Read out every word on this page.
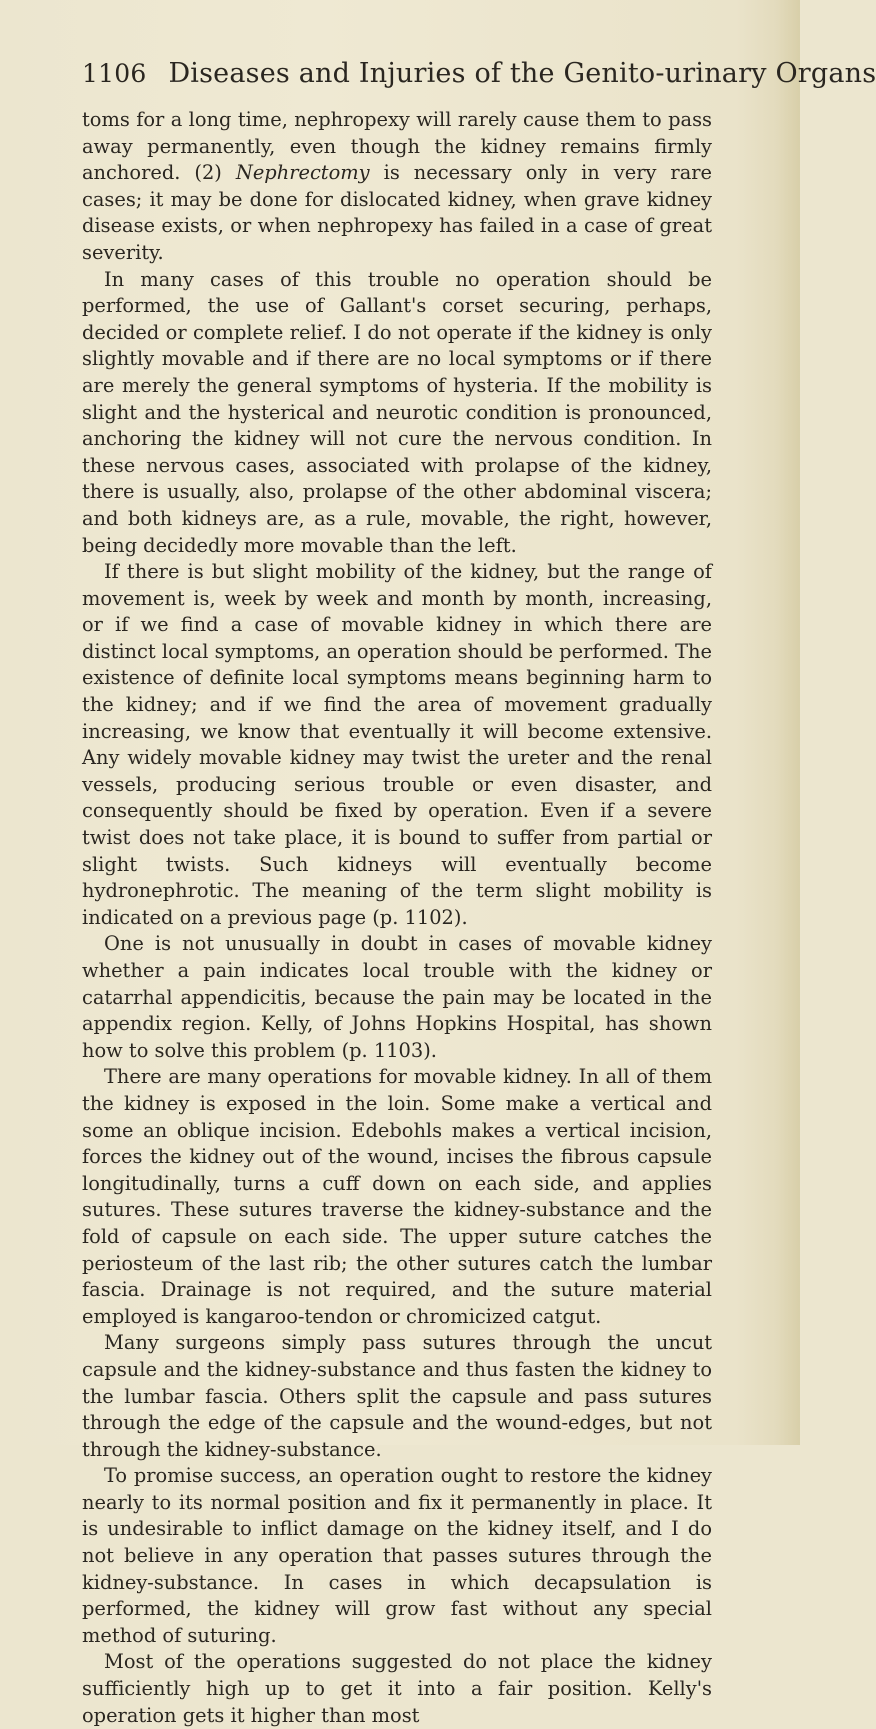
1106 Diseases and Injuries of the Genito-urinary Organs

toms for a long time, nephropexy will rarely cause them to pass away permanently, even though the kidney remains firmly anchored. (2) Nephrectomy is necessary only in very rare cases; it may be done for dislocated kidney, when grave kidney disease exists, or when nephropexy has failed in a case of great severity.

In many cases of this trouble no operation should be performed, the use of Gallant's corset securing, perhaps, decided or complete relief. I do not operate if the kidney is only slightly movable and if there are no local symptoms or if there are merely the general symptoms of hysteria. If the mobility is slight and the hysterical and neurotic condition is pronounced, anchoring the kidney will not cure the nervous condition. In these nervous cases, associated with prolapse of the kidney, there is usually, also, prolapse of the other abdominal viscera; and both kidneys are, as a rule, movable, the right, however, being decidedly more movable than the left.

If there is but slight mobility of the kidney, but the range of movement is, week by week and month by month, increasing, or if we find a case of movable kidney in which there are distinct local symptoms, an operation should be performed. The existence of definite local symptoms means beginning harm to the kidney; and if we find the area of movement gradually increasing, we know that eventually it will become extensive. Any widely movable kidney may twist the ureter and the renal vessels, producing serious trouble or even disaster, and consequently should be fixed by operation. Even if a severe twist does not take place, it is bound to suffer from partial or slight twists. Such kidneys will eventually become hydronephrotic. The meaning of the term slight mobility is indicated on a previous page (p. 1102).

One is not unusually in doubt in cases of movable kidney whether a pain indicates local trouble with the kidney or catarrhal appendicitis, because the pain may be located in the appendix region. Kelly, of Johns Hopkins Hospital, has shown how to solve this problem (p. 1103).

There are many operations for movable kidney. In all of them the kidney is exposed in the loin. Some make a vertical and some an oblique incision. Edebohls makes a vertical incision, forces the kidney out of the wound, incises the fibrous capsule longitudinally, turns a cuff down on each side, and applies sutures. These sutures traverse the kidney-substance and the fold of capsule on each side. The upper suture catches the periosteum of the last rib; the other sutures catch the lumbar fascia. Drainage is not required, and the suture material employed is kangaroo-tendon or chromicized catgut.

Many surgeons simply pass sutures through the uncut capsule and the kidney-substance and thus fasten the kidney to the lumbar fascia. Others split the capsule and pass sutures through the edge of the capsule and the wound-edges, but not through the kidney-substance.

To promise success, an operation ought to restore the kidney nearly to its normal position and fix it permanently in place. It is undesirable to inflict damage on the kidney itself, and I do not believe in any operation that passes sutures through the kidney-substance. In cases in which decapsulation is performed, the kidney will grow fast without any special method of suturing.

Most of the operations suggested do not place the kidney sufficiently high up to get it into a fair position. Kelly's operation gets it higher than most
